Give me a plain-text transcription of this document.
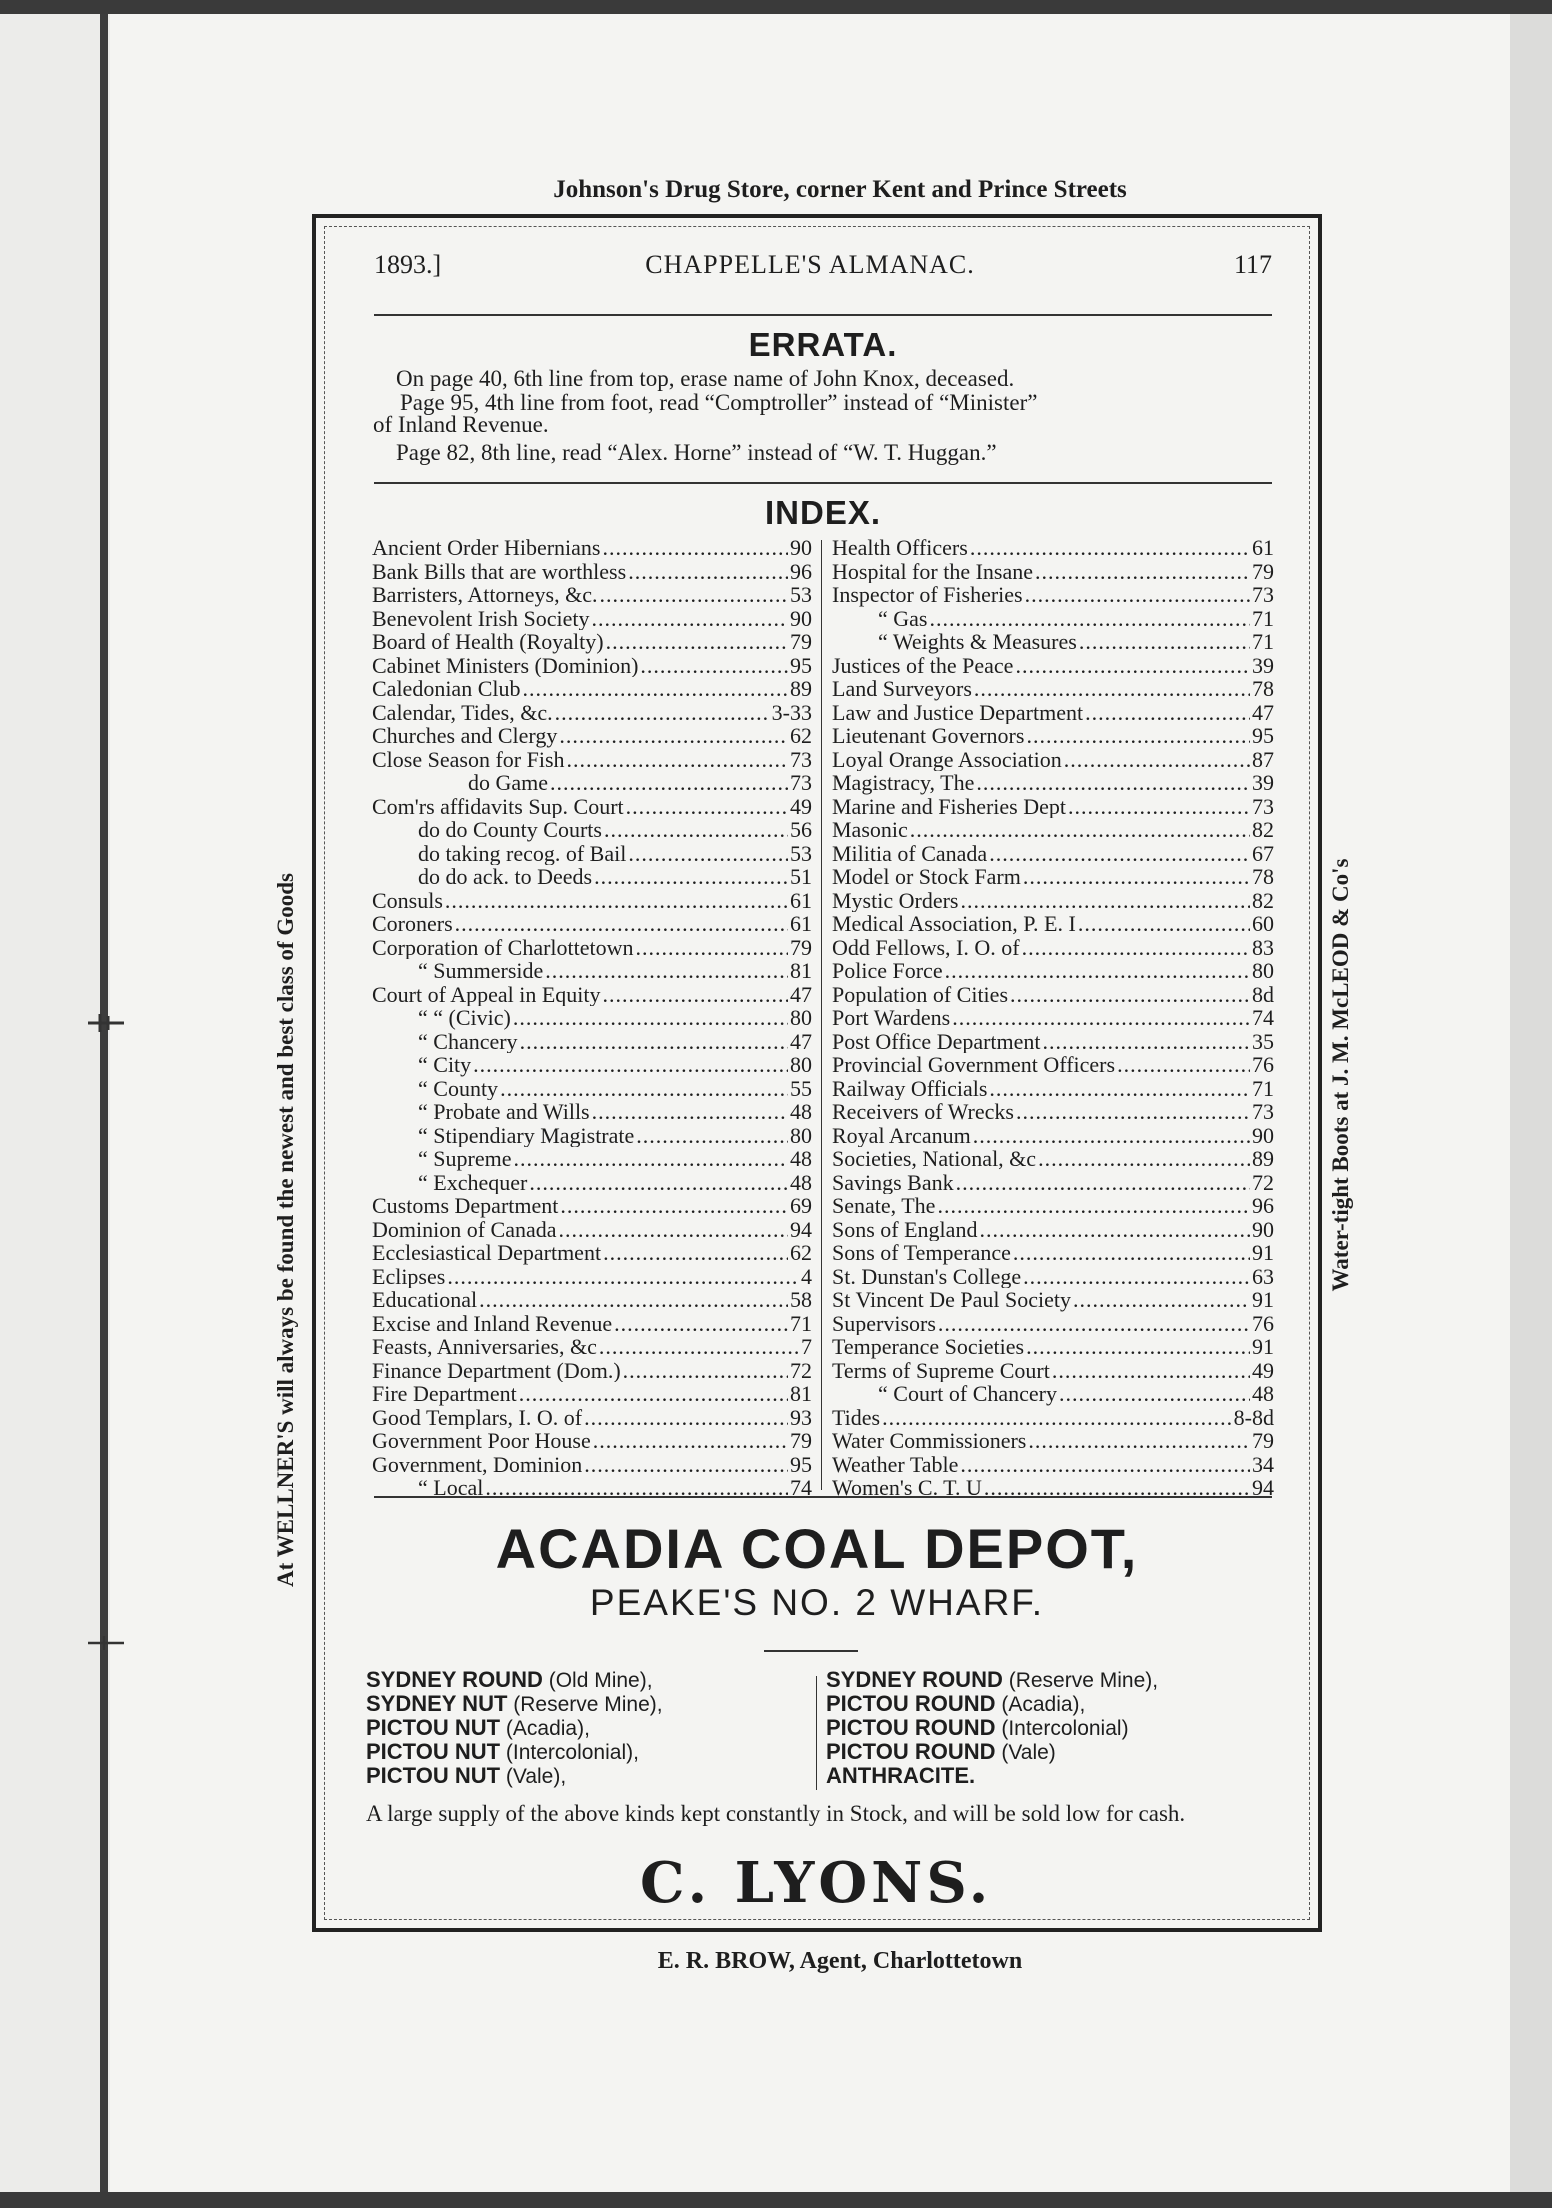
Johnson's Drug Store, corner Kent and Prince Streets
At WELLNER'S will always be found the newest and best class of Goods	Water-tight Boots at J. M. McLEOD & Co's
E. R. BROW, Agent, Charlottetown
1893.]	CHAPPELLE'S ALMANAC.	117
ERRATA.
On page 40, 6th line from top, erase name of John Knox, deceased.
Page 95, 4th line from foot, read “Comptroller” instead of “Minister”
of Inland Revenue.
Page 82, 8th line, read “Alex. Horne” instead of “W. T. Huggan.”
INDEX.
Ancient Order Hibernians .....	90
Bank Bills that are worthless .....	96
Barristers, Attorneys, &c. .....	53
Benevolent Irish Society .....	90
Board of Health (Royalty) .....	79
Cabinet Ministers (Dominion) .....	95
Caledonian Club .....	89
Calendar, Tides, &c. .....	3-33
Churches and Clergy .....	62
Close Season for Fish .....	73
do Game .....	73
Com'rs affidavits Sup. Court .....	49
do do County Courts .....	56
do taking recog. of Bail .....	53
do do ack. to Deeds .....	51
Consuls .....	61
Coroners .....	61
Corporation of Charlottetown .....	79
“ Summerside .....	81
Court of Appeal in Equity .....	47
“ “ (Civic) .....	80
“ Chancery .....	47
“ City .....	80
“ County .....	55
“ Probate and Wills .....	48
“ Stipendiary Magistrate .....	80
“ Supreme .....	48
“ Exchequer .....	48
Customs Department .....	69
Dominion of Canada .....	94
Ecclesiastical Department .....	62
Eclipses .....	4
Educational .....	58
Excise and Inland Revenue .....	71
Feasts, Anniversaries, &c .....	7
Finance Department (Dom.) .....	72
Fire Department .....	81
Good Templars, I. O. of .....	93
Government Poor House .....	79
Government, Dominion .....	95
“ Local .....	74
Health Officers .....	61
Hospital for the Insane .....	79
Inspector of Fisheries .....	73
“ Gas .....	71
“ Weights & Measures .....	71
Justices of the Peace .....	39
Land Surveyors .....	78
Law and Justice Department .....	47
Lieutenant Governors .....	95
Loyal Orange Association .....	87
Magistracy, The .....	39
Marine and Fisheries Dept .....	73
Masonic .....	82
Militia of Canada .....	67
Model or Stock Farm .....	78
Mystic Orders .....	82
Medical Association, P. E. I .....	60
Odd Fellows, I. O. of .....	83
Police Force .....	80
Population of Cities .....	8d
Port Wardens .....	74
Post Office Department .....	35
Provincial Government Officers .....	76
Railway Officials .....	71
Receivers of Wrecks .....	73
Royal Arcanum .....	90
Societies, National, &c .....	89
Savings Bank .....	72
Senate, The .....	96
Sons of England .....	90
Sons of Temperance .....	91
St. Dunstan's College .....	63
St Vincent De Paul Society .....	91
Supervisors .....	76
Temperance Societies .....	91
Terms of Supreme Court .....	49
“ Court of Chancery .....	48
Tides .....	8-8d
Water Commissioners .....	79
Weather Table .....	34
Women's C. T. U .....	94
ACADIA COAL DEPOT,
PEAKE'S NO. 2 WHARF.
SYDNEY ROUND (Old Mine),
SYDNEY NUT (Reserve Mine),
PICTOU NUT (Acadia),
PICTOU NUT (Intercolonial),
PICTOU NUT (Vale),
SYDNEY ROUND (Reserve Mine),
PICTOU ROUND (Acadia),
PICTOU ROUND (Intercolonial)
PICTOU ROUND (Vale)
ANTHRACITE.
A large supply of the above kinds kept constantly in Stock, and will be sold low for cash.
C. LYONS.
